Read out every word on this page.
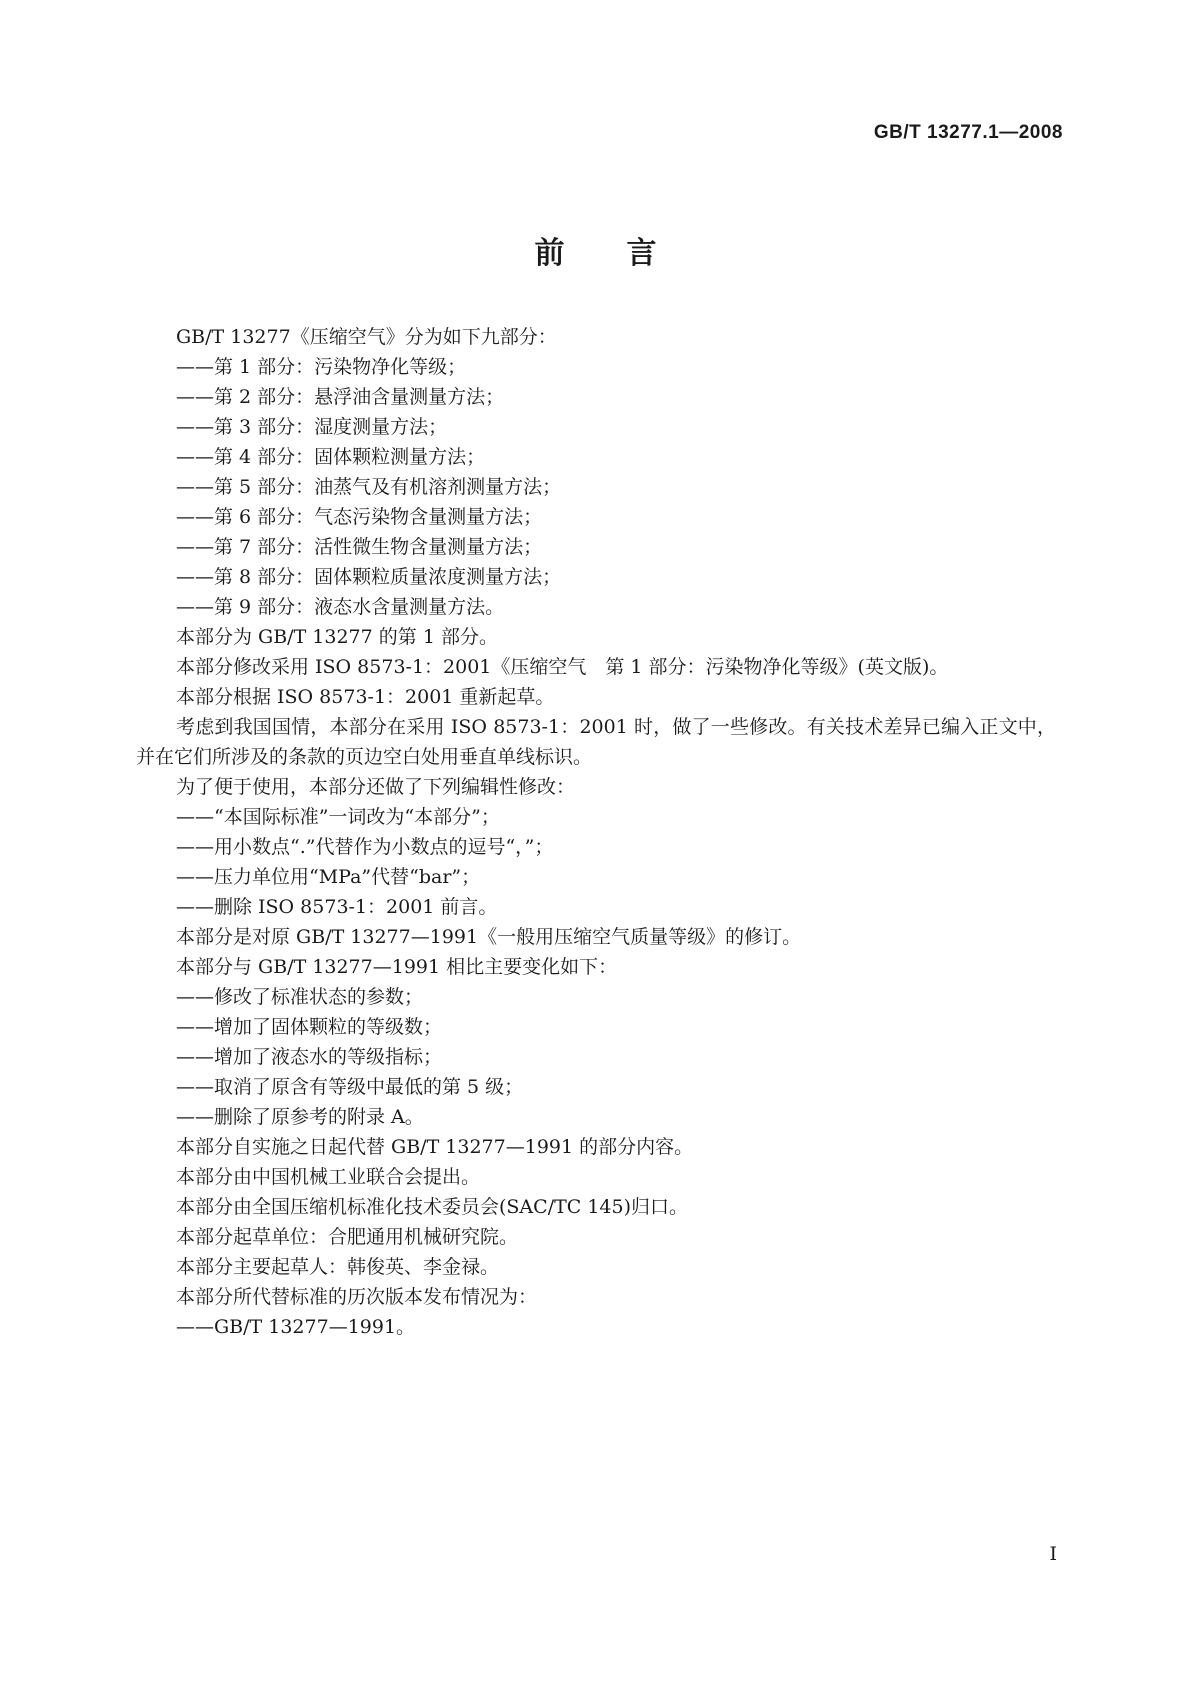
GB/T 13277.1—2008
前言

GB/T 13277《压缩空气》分为如下九部分：

——第 1 部分：污染物净化等级；

——第 2 部分：悬浮油含量测量方法；

——第 3 部分：湿度测量方法；

——第 4 部分：固体颗粒测量方法；

——第 5 部分：油蒸气及有机溶剂测量方法；

——第 6 部分：气态污染物含量测量方法；

——第 7 部分：活性微生物含量测量方法；

——第 8 部分：固体颗粒质量浓度测量方法；

——第 9 部分：液态水含量测量方法。

本部分为 GB/T 13277 的第 1 部分。

本部分修改采用 ISO 8573-1：2001《压缩空气　第 1 部分：污染物净化等级》(英文版)。

本部分根据 ISO 8573-1：2001 重新起草。

考虑到我国国情，本部分在采用 ISO 8573-1：2001 时，做了一些修改。有关技术差异已编入正文中，并在它们所涉及的条款的页边空白处用垂直单线标识。

为了便于使用，本部分还做了下列编辑性修改：

——“本国际标准”一词改为“本部分”；

——用小数点“.”代替作为小数点的逗号“，”；

——压力单位用“MPa”代替“bar”；

——删除 ISO 8573-1：2001 前言。

本部分是对原 GB/T 13277—1991《一般用压缩空气质量等级》的修订。

本部分与 GB/T 13277—1991 相比主要变化如下：

——修改了标准状态的参数；

——增加了固体颗粒的等级数；

——增加了液态水的等级指标；

——取消了原含有等级中最低的第 5 级；

——删除了原参考的附录 A。

本部分自实施之日起代替 GB/T 13277—1991 的部分内容。

本部分由中国机械工业联合会提出。

本部分由全国压缩机标准化技术委员会(SAC/TC 145)归口。

本部分起草单位：合肥通用机械研究院。

本部分主要起草人：韩俊英、李金禄。

本部分所代替标准的历次版本发布情况为：

——GB/T 13277—1991。

I
